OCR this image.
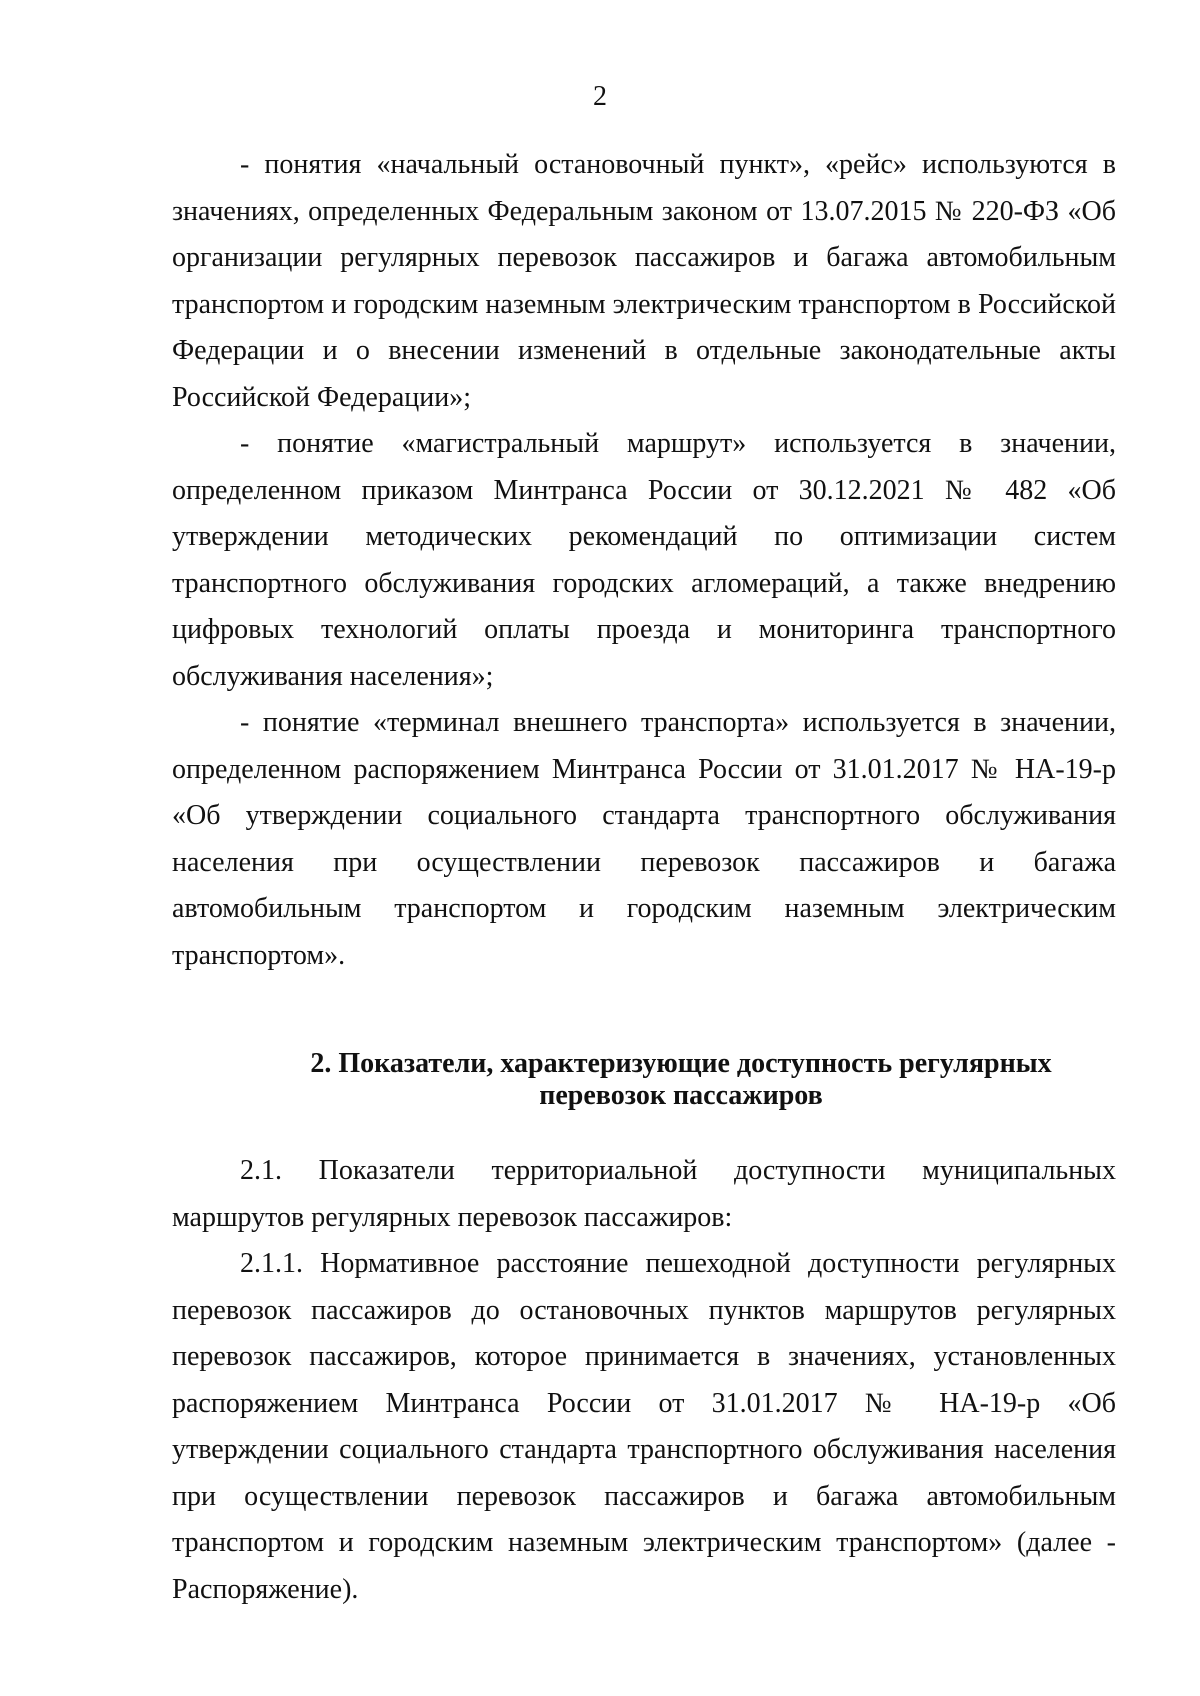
2

- понятия «начальный остановочный пункт», «рейс» используются в значениях, определенных Федеральным законом от 13.07.2015 № 220-ФЗ «Об организации регулярных перевозок пассажиров и багажа автомобильным транспортом и городским наземным электрическим транспортом в Российской Федерации и о внесении изменений в отдельные законодательные акты Российской Федерации»;

- понятие «магистральный маршрут» используется в значении, определенном приказом Минтранса России от 30.12.2021 № 482 «Об утверждении методических рекомендаций по оптимизации систем транспортного обслуживания городских агломераций, а также внедрению цифровых технологий оплаты проезда и мониторинга транспортного обслуживания населения»;

- понятие «терминал внешнего транспорта» используется в значении, определенном распоряжением Минтранса России от 31.01.2017 № НА-19-р «Об утверждении социального стандарта транспортного обслуживания населения при осуществлении перевозок пассажиров и багажа автомобильным транспортом и городским наземным электрическим транспортом».

2. Показатели, характеризующие доступность регулярных
перевозок пассажиров

2.1. Показатели территориальной доступности муниципальных маршрутов регулярных перевозок пассажиров:

2.1.1. Нормативное расстояние пешеходной доступности регулярных перевозок пассажиров до остановочных пунктов маршрутов регулярных перевозок пассажиров, которое принимается в значениях, установленных распоряжением Минтранса России от 31.01.2017 № НА-19-р «Об утверждении социального стандарта транспортного обслуживания населения при осуществлении перевозок пассажиров и багажа автомобильным транспортом и городским наземным электрическим транспортом» (далее - Распоряжение).
